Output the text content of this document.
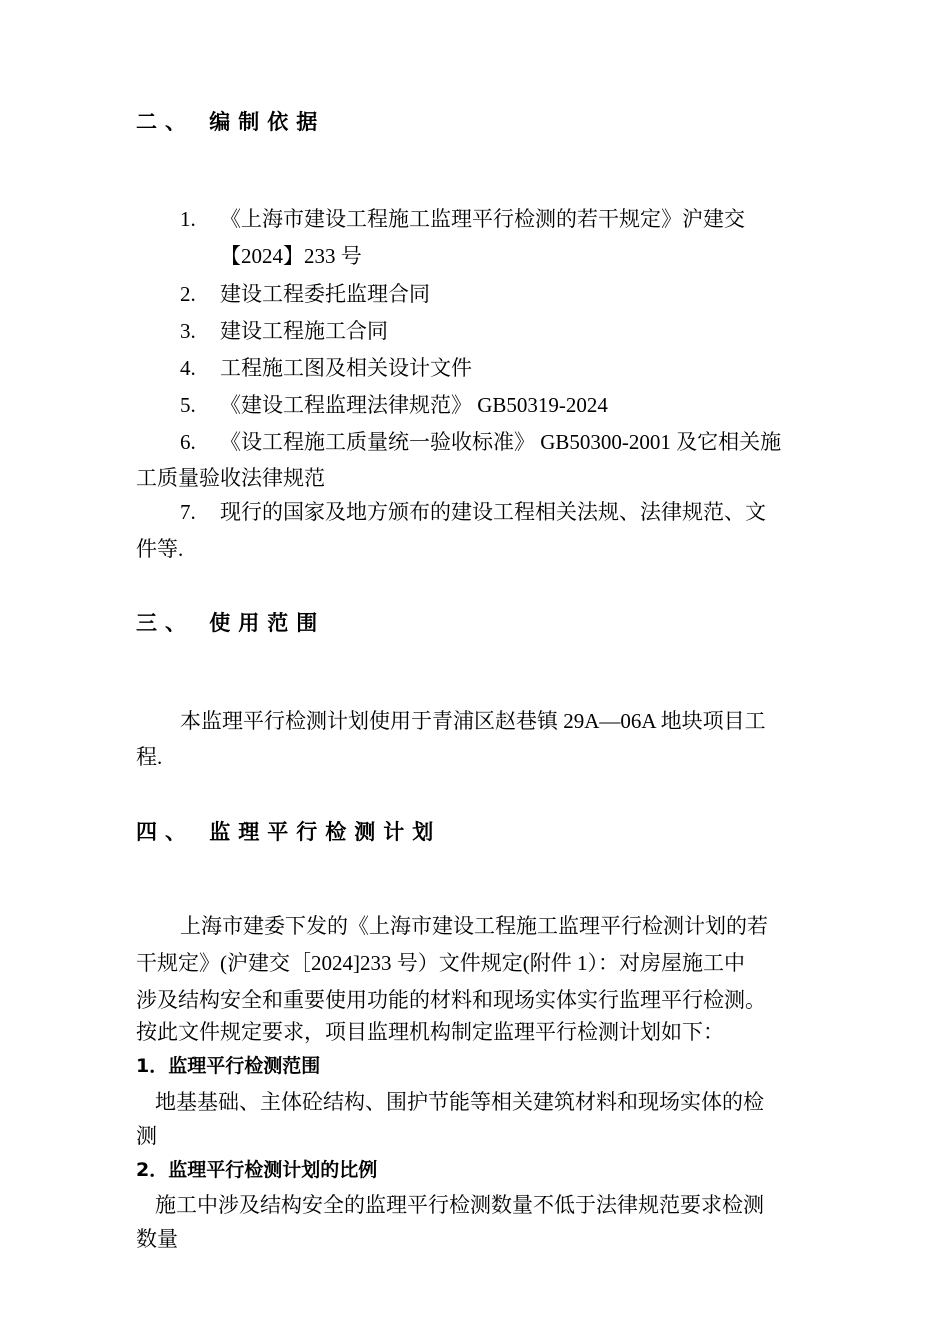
二、 编制依据
1. 《上海市建设工程施工监理平行检测的若干规定》沪建交
【2024】233 号
2. 建设工程委托监理合同
3. 建设工程施工合同
4. 工程施工图及相关设计文件
5. 《建设工程监理法律规范》 GB50319-2024
6. 《设工程施工质量统一验收标准》 GB50300-2001 及它相关施
工质量验收法律规范
7. 现行的国家及地方颁布的建设工程相关法规、法律规范、文
件等.
三、 使用范围
本监理平行检测计划使用于青浦区赵巷镇 29A—06A 地块项目工
程.
四、 监理平行检测计划
上海市建委下发的《上海市建设工程施工监理平行检测计划的若
干规定》(沪建交［2024]233 号）文件规定(附件 1）：对房屋施工中
涉及结构安全和重要使用功能的材料和现场实体实行监理平行检测。
按此文件规定要求，项目监理机构制定监理平行检测计划如下：
1．监理平行检测范围
地基基础、主体砼结构、围护节能等相关建筑材料和现场实体的检
测
2．监理平行检测计划的比例
施工中涉及结构安全的监理平行检测数量不低于法律规范要求检测
数量
